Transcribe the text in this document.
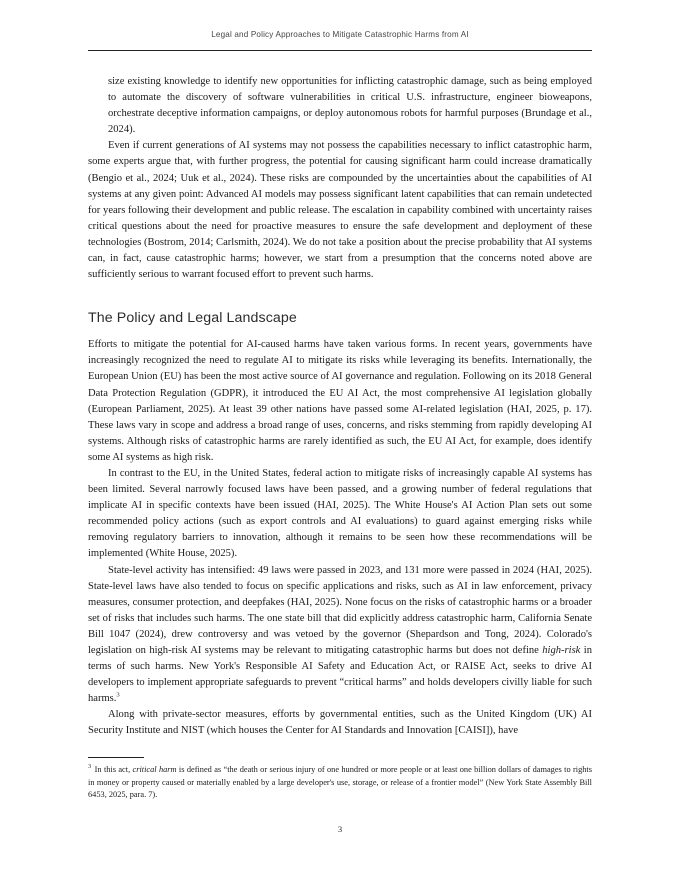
Legal and Policy Approaches to Mitigate Catastrophic Harms from AI

size existing knowledge to identify new opportunities for inflicting catastrophic damage, such as being employed to automate the discovery of software vulnerabilities in critical U.S. infrastructure, engineer bioweapons, orchestrate deceptive information campaigns, or deploy autonomous robots for harmful purposes (Brundage et al., 2024).

Even if current generations of AI systems may not possess the capabilities necessary to inflict catastrophic harm, some experts argue that, with further progress, the potential for causing significant harm could increase dramatically (Bengio et al., 2024; Uuk et al., 2024). These risks are compounded by the uncertainties about the capabilities of AI systems at any given point: Advanced AI models may possess significant latent capabilities that can remain undetected for years following their development and public release. The escalation in capability combined with uncertainty raises critical questions about the need for proactive measures to ensure the safe development and deployment of these technologies (Bostrom, 2014; Carlsmith, 2024). We do not take a position about the precise probability that AI systems can, in fact, cause catastrophic harms; however, we start from a presumption that the concerns noted above are sufficiently serious to warrant focused effort to prevent such harms.

The Policy and Legal Landscape

Efforts to mitigate the potential for AI-caused harms have taken various forms. In recent years, governments have increasingly recognized the need to regulate AI to mitigate its risks while leveraging its benefits. Internationally, the European Union (EU) has been the most active source of AI governance and regulation. Following on its 2018 General Data Protection Regulation (GDPR), it introduced the EU AI Act, the most comprehensive AI legislation globally (European Parliament, 2025). At least 39 other nations have passed some AI-related legislation (HAI, 2025, p. 17). These laws vary in scope and address a broad range of uses, concerns, and risks stemming from rapidly developing AI systems. Although risks of catastrophic harms are rarely identified as such, the EU AI Act, for example, does identify some AI systems as high risk.

In contrast to the EU, in the United States, federal action to mitigate risks of increasingly capable AI systems has been limited. Several narrowly focused laws have been passed, and a growing number of federal regulations that implicate AI in specific contexts have been issued (HAI, 2025). The White House's AI Action Plan sets out some recommended policy actions (such as export controls and AI evaluations) to guard against emerging risks while removing regulatory barriers to innovation, although it remains to be seen how these recommendations will be implemented (White House, 2025).

State-level activity has intensified: 49 laws were passed in 2023, and 131 more were passed in 2024 (HAI, 2025). State-level laws have also tended to focus on specific applications and risks, such as AI in law enforcement, privacy measures, consumer protection, and deepfakes (HAI, 2025). None focus on the risks of catastrophic harms or a broader set of risks that includes such harms. The one state bill that did explicitly address catastrophic harm, California Senate Bill 1047 (2024), drew controversy and was vetoed by the governor (Shepardson and Tong, 2024). Colorado's legislation on high-risk AI systems may be relevant to mitigating catastrophic harms but does not define high-risk in terms of such harms. New York's Responsible AI Safety and Education Act, or RAISE Act, seeks to drive AI developers to implement appropriate safeguards to prevent “critical harms” and holds developers civilly liable for such harms.$^3$

Along with private-sector measures, efforts by governmental entities, such as the United Kingdom (UK) AI Security Institute and NIST (which houses the Center for AI Standards and Innovation [CAISI]), have

$^3$ In this act, critical harm is defined as “the death or serious injury of one hundred or more people or at least one billion dollars of damages to rights in money or property caused or materially enabled by a large developer's use, storage, or release of a frontier model” (New York State Assembly Bill 6453, 2025, para. 7).

3
